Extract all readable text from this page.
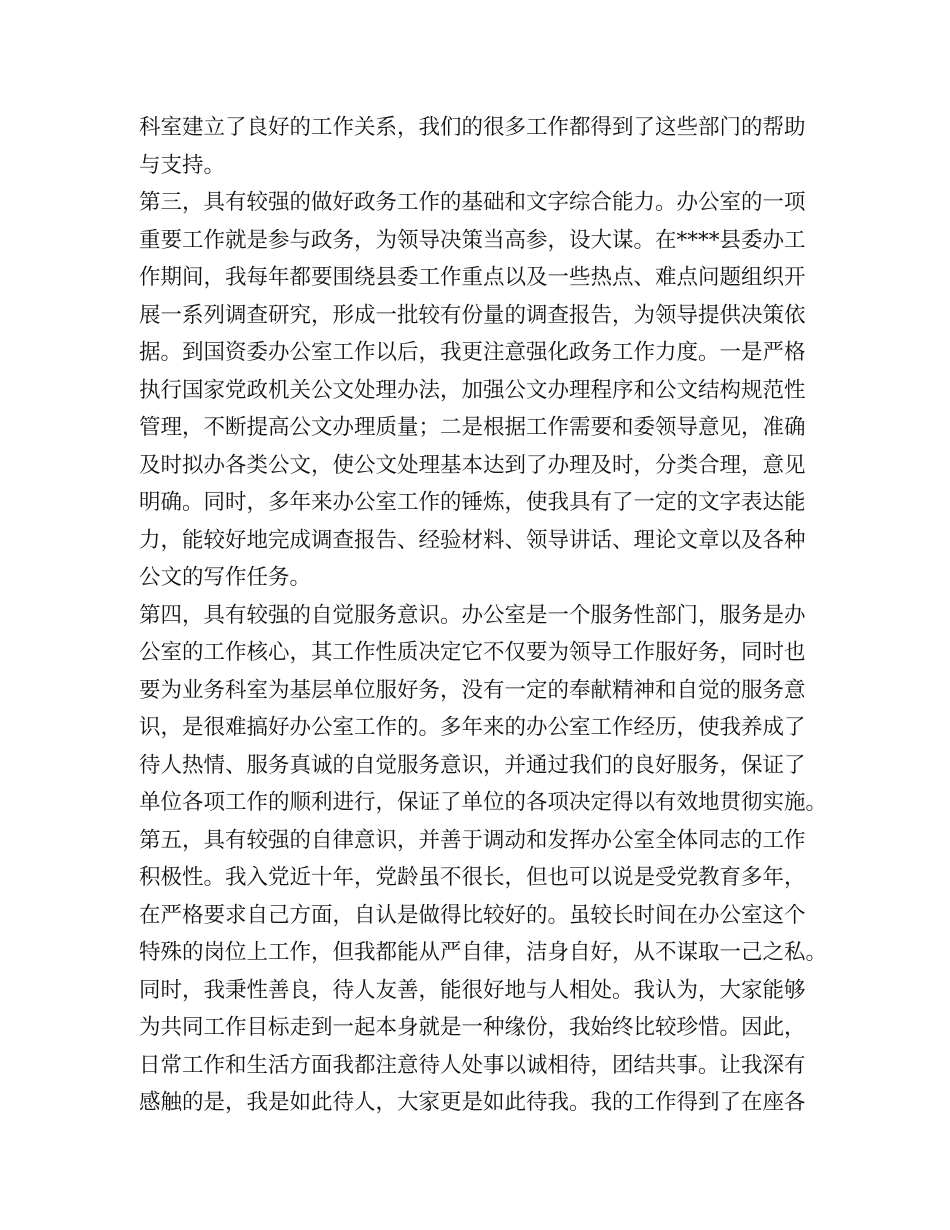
科室建立了良好的工作关系，我们的很多工作都得到了这些部门的帮助
与支持。
第三，具有较强的做好政务工作的基础和文字综合能力。办公室的一项
重要工作就是参与政务，为领导决策当高参，设大谋。在****县委办工
作期间，我每年都要围绕县委工作重点以及一些热点、难点问题组织开
展一系列调查研究，形成一批较有份量的调查报告，为领导提供决策依
据。到国资委办公室工作以后，我更注意强化政务工作力度。一是严格
执行国家党政机关公文处理办法，加强公文办理程序和公文结构规范性
管理，不断提高公文办理质量；二是根据工作需要和委领导意见，准确
及时拟办各类公文，使公文处理基本达到了办理及时，分类合理，意见
明确。同时，多年来办公室工作的锤炼，使我具有了一定的文字表达能
力，能较好地完成调查报告、经验材料、领导讲话、理论文章以及各种
公文的写作任务。
第四，具有较强的自觉服务意识。办公室是一个服务性部门，服务是办
公室的工作核心，其工作性质决定它不仅要为领导工作服好务，同时也
要为业务科室为基层单位服好务，没有一定的奉献精神和自觉的服务意
识，是很难搞好办公室工作的。多年来的办公室工作经历，使我养成了
待人热情、服务真诚的自觉服务意识，并通过我们的良好服务，保证了
单位各项工作的顺利进行，保证了单位的各项决定得以有效地贯彻实施。
第五，具有较强的自律意识，并善于调动和发挥办公室全体同志的工作
积极性。我入党近十年，党龄虽不很长，但也可以说是受党教育多年，
在严格要求自己方面，自认是做得比较好的。虽较长时间在办公室这个
特殊的岗位上工作，但我都能从严自律，洁身自好，从不谋取一己之私。
同时，我秉性善良，待人友善，能很好地与人相处。我认为，大家能够
为共同工作目标走到一起本身就是一种缘份，我始终比较珍惜。因此，
日常工作和生活方面我都注意待人处事以诚相待，团结共事。让我深有
感触的是，我是如此待人，大家更是如此待我。我的工作得到了在座各
